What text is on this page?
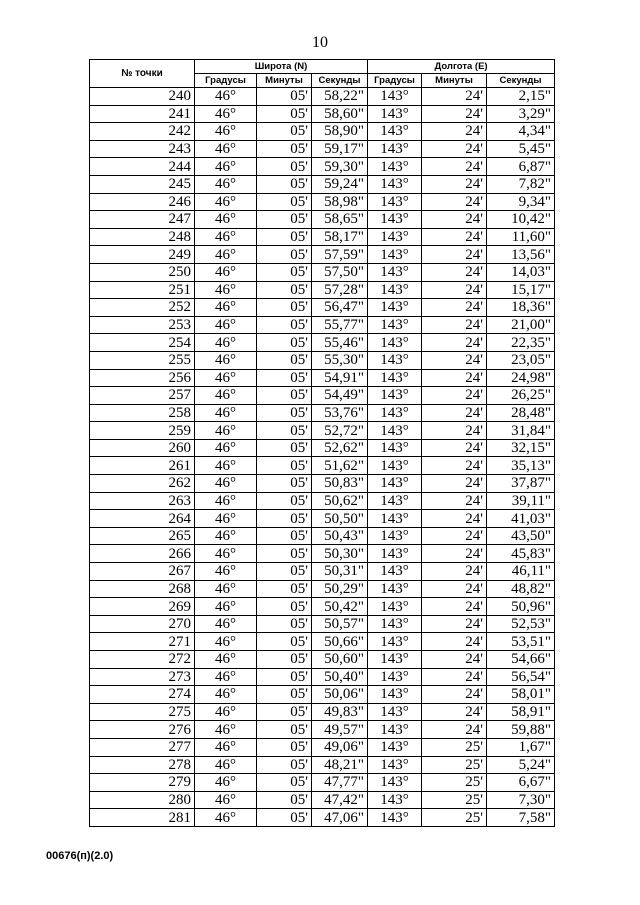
10
№ точки	Широта (N)			Долгота (E)		
	Градусы	Минуты	Секунды	Градусы	Минуты	Секунды
240	46°	05'	58,22"	143°	24'	2,15"
241	46°	05'	58,60"	143°	24'	3,29"
242	46°	05'	58,90"	143°	24'	4,34"
243	46°	05'	59,17"	143°	24'	5,45"
244	46°	05'	59,30"	143°	24'	6,87"
245	46°	05'	59,24"	143°	24'	7,82"
246	46°	05'	58,98"	143°	24'	9,34"
247	46°	05'	58,65"	143°	24'	10,42"
248	46°	05'	58,17"	143°	24'	11,60"
249	46°	05'	57,59"	143°	24'	13,56"
250	46°	05'	57,50"	143°	24'	14,03"
251	46°	05'	57,28"	143°	24'	15,17"
252	46°	05'	56,47"	143°	24'	18,36"
253	46°	05'	55,77"	143°	24'	21,00"
254	46°	05'	55,46"	143°	24'	22,35"
255	46°	05'	55,30"	143°	24'	23,05"
256	46°	05'	54,91"	143°	24'	24,98"
257	46°	05'	54,49"	143°	24'	26,25"
258	46°	05'	53,76"	143°	24'	28,48"
259	46°	05'	52,72"	143°	24'	31,84"
260	46°	05'	52,62"	143°	24'	32,15"
261	46°	05'	51,62"	143°	24'	35,13"
262	46°	05'	50,83"	143°	24'	37,87"
263	46°	05'	50,62"	143°	24'	39,11"
264	46°	05'	50,50"	143°	24'	41,03"
265	46°	05'	50,43"	143°	24'	43,50"
266	46°	05'	50,30"	143°	24'	45,83"
267	46°	05'	50,31"	143°	24'	46,11"
268	46°	05'	50,29"	143°	24'	48,82"
269	46°	05'	50,42"	143°	24'	50,96"
270	46°	05'	50,57"	143°	24'	52,53"
271	46°	05'	50,66"	143°	24'	53,51"
272	46°	05'	50,60"	143°	24'	54,66"
273	46°	05'	50,40"	143°	24'	56,54"
274	46°	05'	50,06"	143°	24'	58,01"
275	46°	05'	49,83"	143°	24'	58,91"
276	46°	05'	49,57"	143°	24'	59,88"
277	46°	05'	49,06"	143°	25'	1,67"
278	46°	05'	48,21"	143°	25'	5,24"
279	46°	05'	47,77"	143°	25'	6,67"
280	46°	05'	47,42"	143°	25'	7,30"
281	46°	05'	47,06"	143°	25'	7,58"
00676(п)(2.0)
